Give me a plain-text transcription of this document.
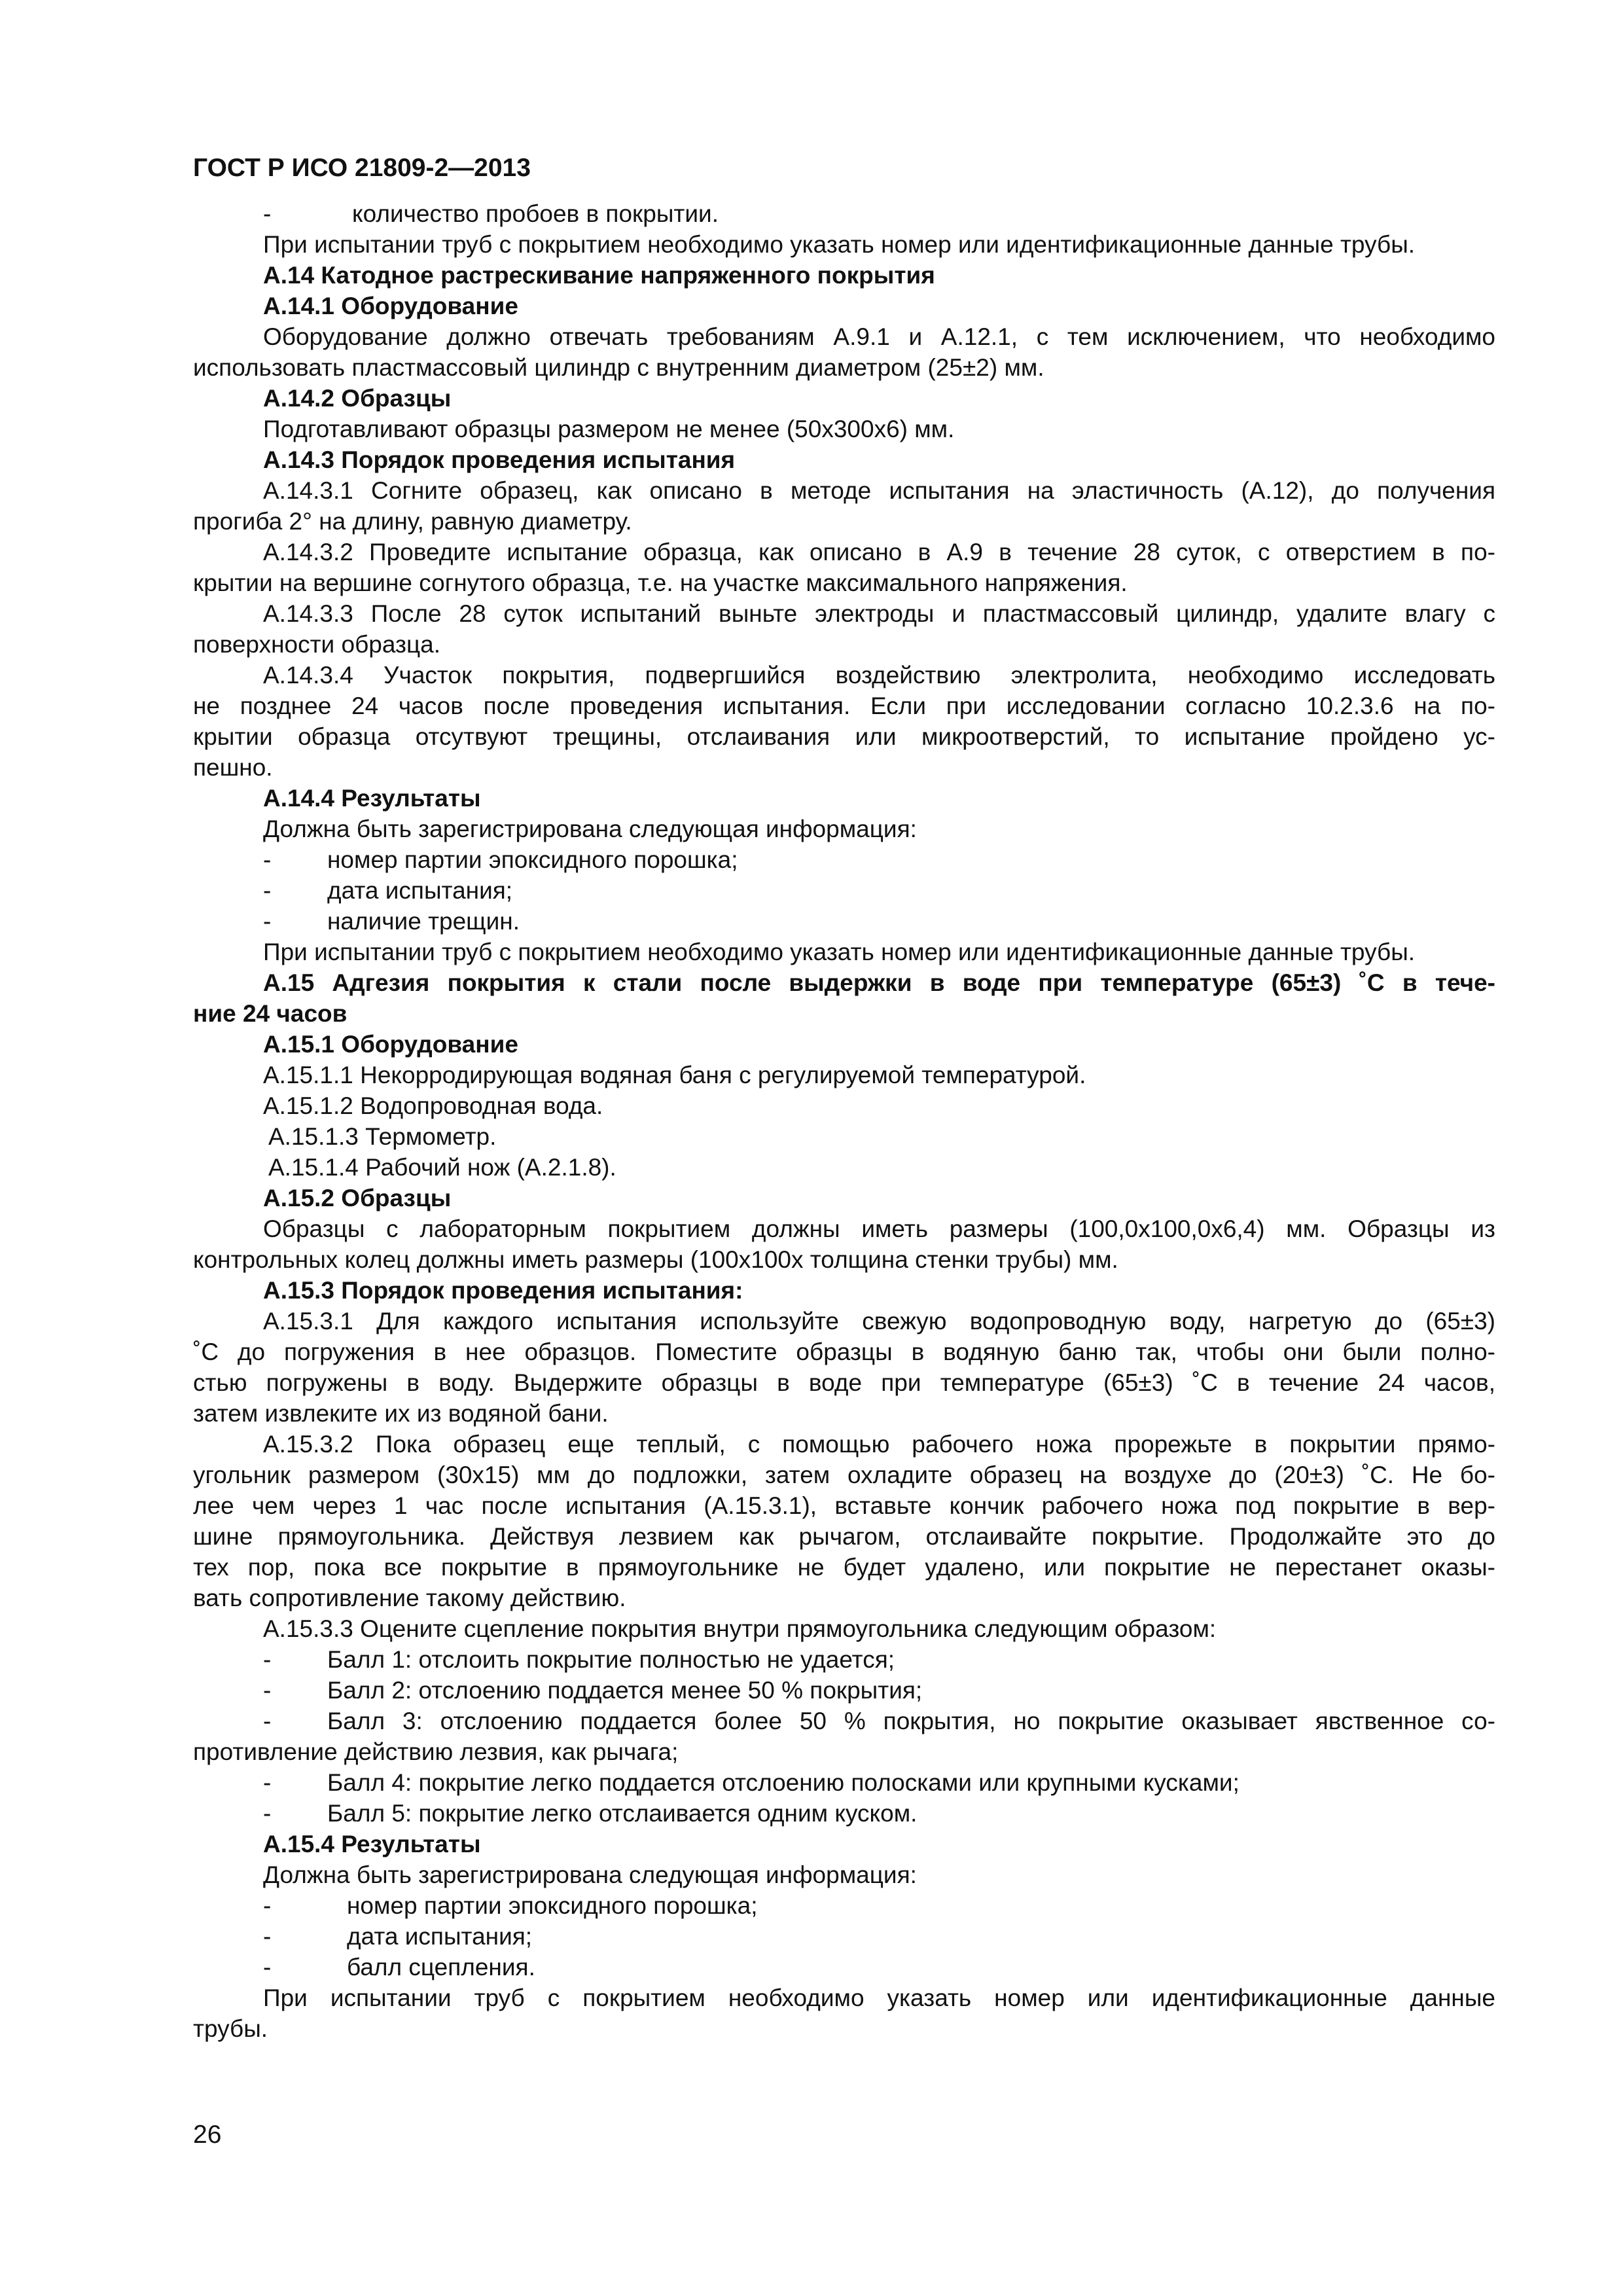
ГОСТ Р ИСО 21809-2—2013
-	количество пробоев в покрытии.
При испытании труб с покрытием необходимо указать номер или идентификационные данные трубы.
А.14 Катодное растрескивание напряженного покрытия
А.14.1 Оборудование
Оборудование должно отвечать требованиям А.9.1 и А.12.1, с тем исключением, что необходимо
использовать пластмассовый цилиндр с внутренним диаметром (25±2) мм.
А.14.2 Образцы
Подготавливают образцы размером не менее (50х300х6) мм.
А.14.3 Порядок проведения испытания
А.14.3.1 Согните образец, как описано в методе испытания на эластичность (А.12), до получения
прогиба 2° на длину, равную диаметру.
А.14.3.2 Проведите испытание образца, как описано в А.9 в течение 28 суток, с отверстием в по-
крытии на вершине согнутого образца, т.е. на участке максимального напряжения.
А.14.3.3 После 28 суток испытаний выньте электроды и пластмассовый цилиндр, удалите влагу с
поверхности образца.
А.14.3.4 Участок покрытия, подвергшийся воздействию электролита, необходимо исследовать
не позднее 24 часов после проведения испытания. Если при исследовании согласно 10.2.3.6 на по-
крытии образца отсутвуют трещины, отслаивания или микроотверстий, то испытание пройдено ус-
пешно.
А.14.4 Результаты
Должна быть зарегистрирована следующая информация:
- номер партии эпоксидного порошка;
- дата испытания;
- наличие трещин.
При испытании труб с покрытием необходимо указать номер или идентификационные данные трубы.
А.15 Адгезия покрытия к стали после выдержки в воде при температуре (65±3) ˚С в тече-
ние 24 часов
А.15.1 Оборудование
А.15.1.1 Некорродирующая водяная баня с регулируемой температурой.
А.15.1.2 Водопроводная вода.
А.15.1.3 Термометр.
А.15.1.4 Рабочий нож (А.2.1.8).
А.15.2 Образцы
Образцы с лабораторным покрытием должны иметь размеры (100,0х100,0х6,4) мм. Образцы из
контрольных колец должны иметь размеры (100х100х толщина стенки трубы) мм.
А.15.3 Порядок проведения испытания:
А.15.3.1 Для каждого испытания используйте свежую водопроводную воду, нагретую до (65±3)
˚С до погружения в нее образцов. Поместите образцы в водяную баню так, чтобы они были полно-
стью погружены в воду. Выдержите образцы в воде при температуре (65±3) ˚С в течение 24 часов,
затем извлеките их из водяной бани.
А.15.3.2 Пока образец еще теплый, с помощью рабочего ножа прорежьте в покрытии прямо-
угольник размером (30х15) мм до подложки, затем охладите образец на воздухе до (20±3) ˚С. Не бо-
лее чем через 1 час после испытания (А.15.3.1), вставьте кончик рабочего ножа под покрытие в вер-
шине прямоугольника. Действуя лезвием как рычагом, отслаивайте покрытие. Продолжайте это до
тех пор, пока все покрытие в прямоугольнике не будет удалено, или покрытие не перестанет оказы-
вать сопротивление такому действию.
А.15.3.3 Оцените сцепление покрытия внутри прямоугольника следующим образом:
- Балл 1: отслоить покрытие полностью не удается;
- Балл 2: отслоению поддается менее 50 % покрытия;
- Балл 3: отслоению поддается более 50 % покрытия, но покрытие оказывает явственное со-
противление действию лезвия, как рычага;
- Балл 4: покрытие легко поддается отслоению полосками или крупными кусками;
- Балл 5: покрытие легко отслаивается одним куском.
А.15.4 Результаты
Должна быть зарегистрирована следующая информация:
-	номер партии эпоксидного порошка;
-	дата испытания;
-	балл сцепления.
При испытании труб с покрытием необходимо указать номер или идентификационные данные
трубы.
26
